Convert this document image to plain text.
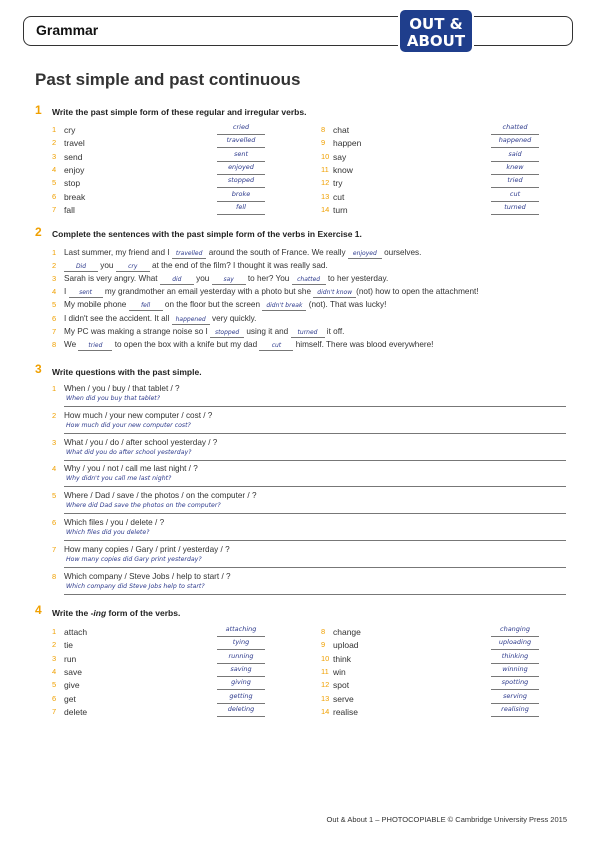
Grammar	OUT &
ABOUT
Past simple and past continuous
1 Write the past simple form of these regular and irregular verbs.
1 cry	cried
2 travel	travelled
3 send	sent
4 enjoy	enjoyed
5 stop	stopped
6 break	broke
7 fall	fell
8 chat	chatted
9 happen	happened
10 say	said
11 know	knew
12 try	tried
13 cut	cut
14 turn	turned
2 Complete the sentences with the past simple form of the verbs in Exercise 1.
1 Last summer, my friend and I travelled around the south of France. We really enjoyed ourselves.
2	Did you cry at the end of the film? I thought it was really sad.
3 Sarah is very angry. What did you say to her? You chatted to her yesterday.
4 I sent my grandmother an email yesterday with a photo but she didn't know (not) how to open the attachment!
5 My mobile phone fell on the floor but the screen didn't break (not). That was lucky!
6 I didn't see the accident. It all happened very quickly.
7 My PC was making a strange noise so I stopped using it and turned it off.
8 We tried to open the box with a knife but my dad cut himself. There was blood everywhere!
3 Write questions with the past simple.
1 When / you / buy / that tablet / ?
When did you buy that tablet?
2 How much / your new computer / cost / ?
How much did your new computer cost?
3 What / you / do / after school yesterday / ?
What did you do after school yesterday?
4 Why / you / not / call me last night / ?
Why didn't you call me last night?
5 Where / Dad / save / the photos / on the computer / ?
Where did Dad save the photos on the computer?
6 Which files / you / delete / ?
Which files did you delete?
7 How many copies / Gary / print / yesterday / ?
How many copies did Gary print yesterday?
8 Which company / Steve Jobs / help to start / ?
Which company did Steve Jobs help to start?
4 Write the -ing form of the verbs.
1 attach	attaching
2 tie	tying
3 run	running
4 save	saving
5 give	giving
6 get	getting
7 delete	deleting
8 change	changing
9 upload	uploading
10 think	thinking
11 win	winning
12 spot	spotting
13 serve	serving
14 realise	realising
Out & About 1 – PHOTOCOPIABLE © Cambridge University Press 2015
